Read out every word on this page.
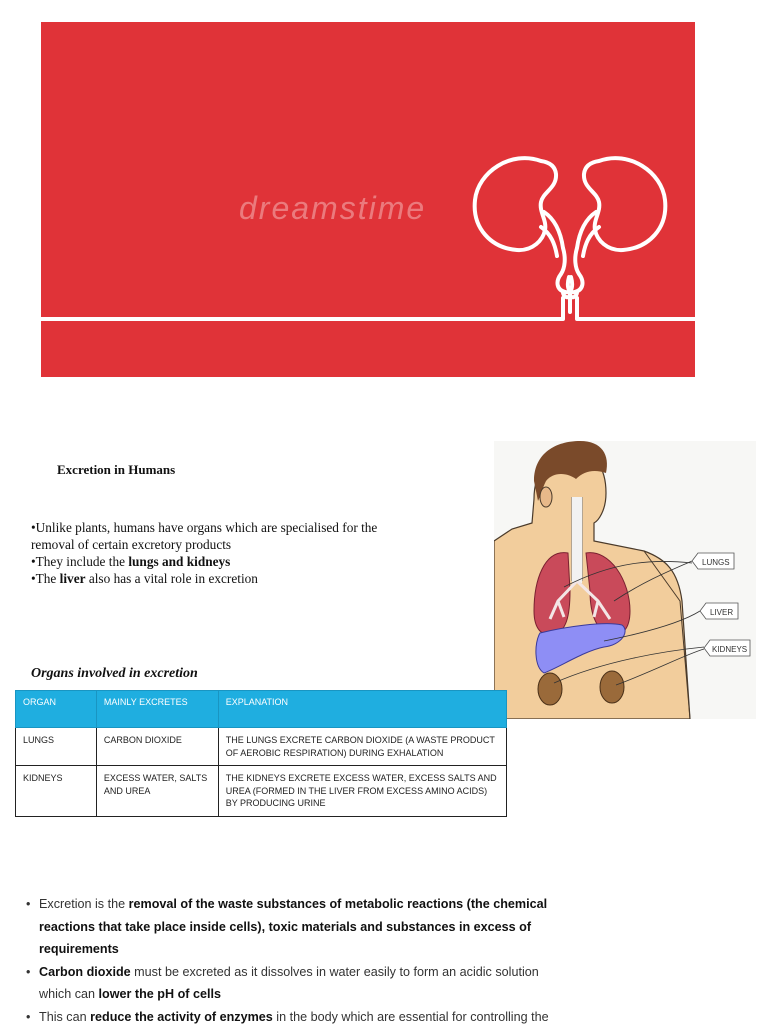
dreamstime
Excretion in Humans

•Unlike plants, humans have organs which are specialised for the removal of certain excretory products

•They include the lungs and kidneys

•The liver also has a vital role in excretion

LUNGS
LIVER
KIDNEYS
Organs involved in excretion
ORGAN	MAINLY EXCRETES	EXPLANATION
LUNGS	CARBON DIOXIDE	THE LUNGS EXCRETE CARBON DIOXIDE (A WASTE PRODUCT OF AEROBIC RESPIRATION) DURING EXHALATION
KIDNEYS	EXCESS WATER, SALTS AND UREA	THE KIDNEYS EXCRETE EXCESS WATER, EXCESS SALTS AND UREA (FORMED IN THE LIVER FROM EXCESS AMINO ACIDS) BY PRODUCING URINE
• Excretion is the removal of the waste substances of metabolic reactions (the chemical reactions that take place inside cells), toxic materials and substances in excess of requirements
• Carbon dioxide must be excreted as it dissolves in water easily to form an acidic solution which can lower the pH of cells
• This can reduce the activity of enzymes in the body which are essential for controlling the
